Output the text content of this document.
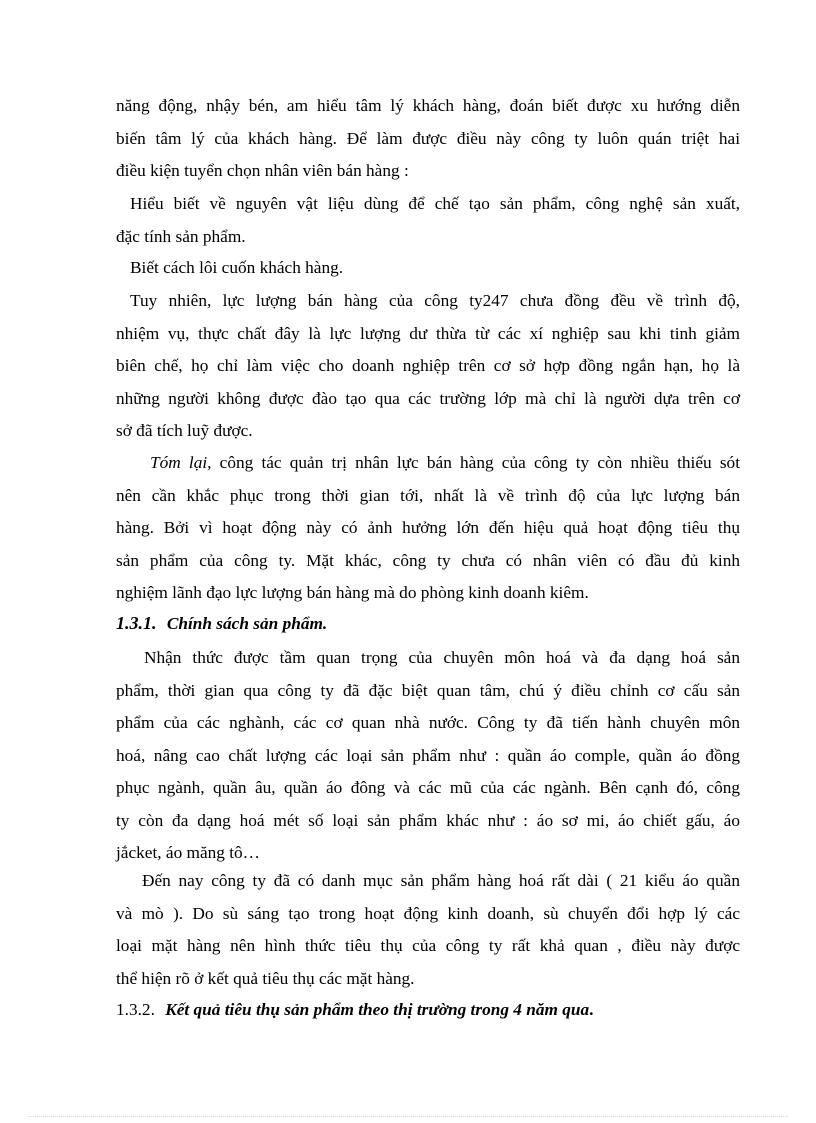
năng động, nhậy bén, am hiểu tâm lý khách hàng, đoán biết được xu hướng diễn
biến tâm lý của khách hàng. Để làm được điều này công ty luôn quán triệt hai
điều kiện tuyển chọn nhân viên bán hàng :
Hiểu biết về nguyên vật liệu dùng để chế tạo sản phẩm, công nghệ sản xuất,
đặc tính sản phẩm.
Biết cách lôi cuốn khách hàng.
Tuy nhiên, lực lượng bán hàng của công ty247 chưa đồng đều về trình độ,
nhiệm vụ, thực chất đây là lực lượng dư thừa từ các xí nghiệp sau khi tinh giảm
biên chế, họ chỉ làm việc cho doanh nghiệp trên cơ sở hợp đồng ngắn hạn, họ là
những người không được đào tạo qua các trường lớp mà chỉ là người dựa trên cơ
sở đã tích luỹ được.
Tóm lại, công tác quản trị nhân lực bán hàng của công ty còn nhiều thiếu sót
nên cần khắc phục trong thời gian tới, nhất là về trình độ của lực lượng bán
hàng. Bởi vì hoạt động này có ảnh hưởng lớn đến hiệu quả hoạt động tiêu thụ
sản phẩm của công ty. Mặt khác, công ty chưa có nhân viên có đầu đủ kinh
nghiệm lãnh đạo lực lượng bán hàng mà do phòng kinh doanh kiêm.
1.3.1. Chính sách sản phẩm.
Nhận thức được tầm quan trọng của chuyên môn hoá và đa dạng hoá sản
phẩm, thời gian qua công ty đã đặc biệt quan tâm, chú ý điều chỉnh cơ cấu sản
phẩm của các nghành, các cơ quan nhà nước. Công ty đã tiến hành chuyên môn
hoá, nâng cao chất lượng các loại sản phẩm như : quần áo comple, quần áo đồng
phục ngành, quần âu, quần áo đông và các mũ của các ngành. Bên cạnh đó, công
ty còn đa dạng hoá mét số loại sản phẩm khác như : áo sơ mi, áo chiết gấu, áo
jắcket, áo măng tô…
Đến nay công ty đã có danh mục sản phẩm hàng hoá rất dài ( 21 kiểu áo quần
và mò ). Do sù sáng tạo trong hoạt động kinh doanh, sù chuyển đổi hợp lý các
loại mặt hàng nên hình thức tiêu thụ của công ty rất khả quan , điều này được
thể hiện rõ ở kết quả tiêu thụ các mặt hàng.
1.3.2. Kết quả tiêu thụ sản phẩm theo thị trường trong 4 năm qua.
